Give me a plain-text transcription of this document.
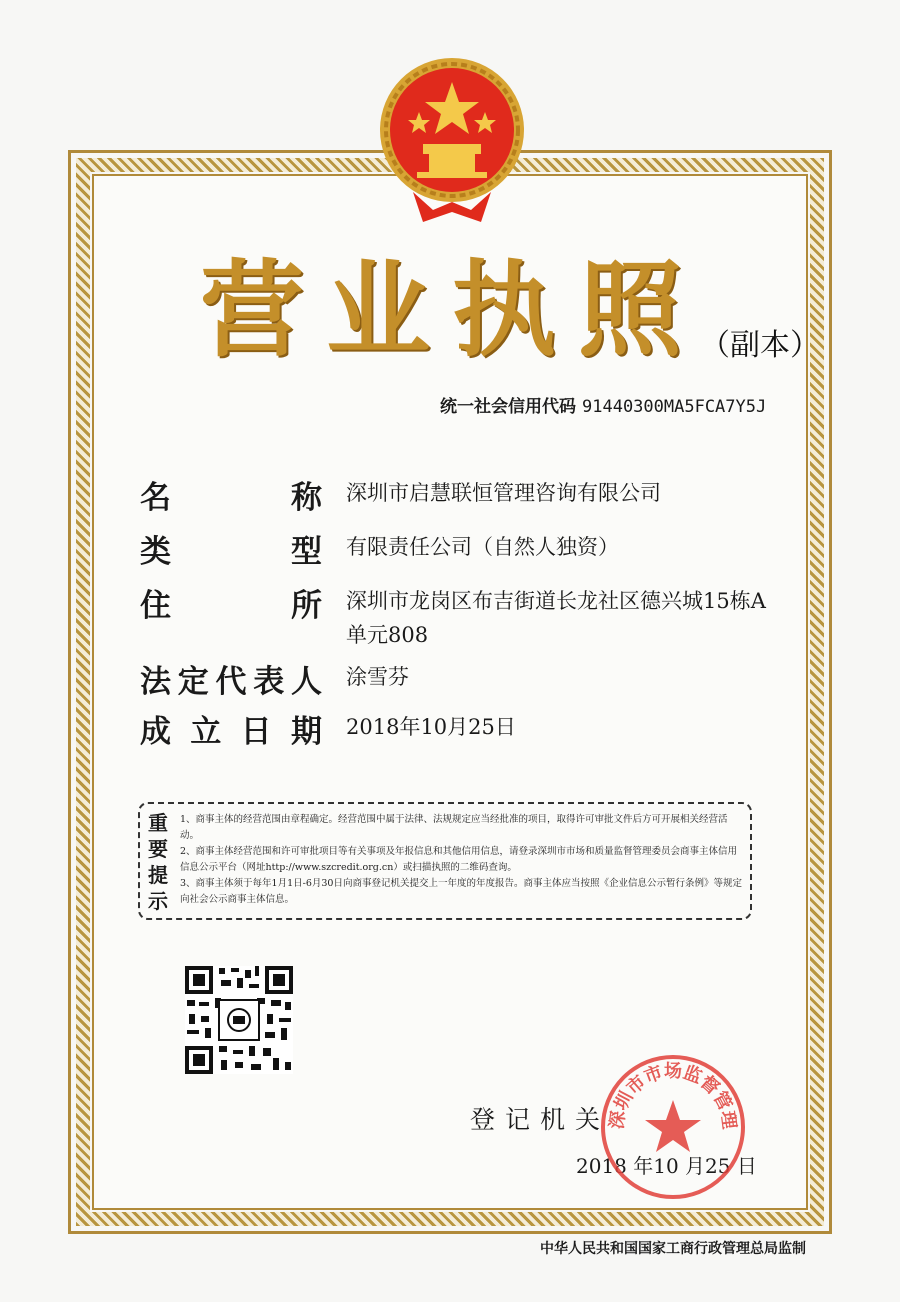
营业执照
（副本）
统一社会信用代码 91440300MA5FCA7Y5J
名	称 深圳市启慧联恒管理咨询有限公司
类	型 有限责任公司（自然人独资）
住	所 深圳市龙岗区布吉街道长龙社区德兴城15栋A单元808
法 定 代 表 人 涂雪芬
成 立 日 期 2018年10月25日
重
要
提
示

1、商事主体的经营范围由章程确定。经营范围中属于法律、法规规定应当经批准的项目，取得许可审批文件后方可开展相关经营活动。

2、商事主体经营范围和许可审批项目等有关事项及年报信息和其他信用信息，请登录深圳市市场和质量监督管理委员会商事主体信用信息公示平台（网址http://www.szcredit.org.cn）或扫描执照的二维码查询。

3、商事主体须于每年1月1日-6月30日向商事登记机关提交上一年度的年度报告。商事主体应当按照《企业信息公示暂行条例》等规定向社会公示商事主体信息。

登记机关
2018 年10 月25 日
深圳市市场监督管理
中华人民共和国国家工商行政管理总局监制
